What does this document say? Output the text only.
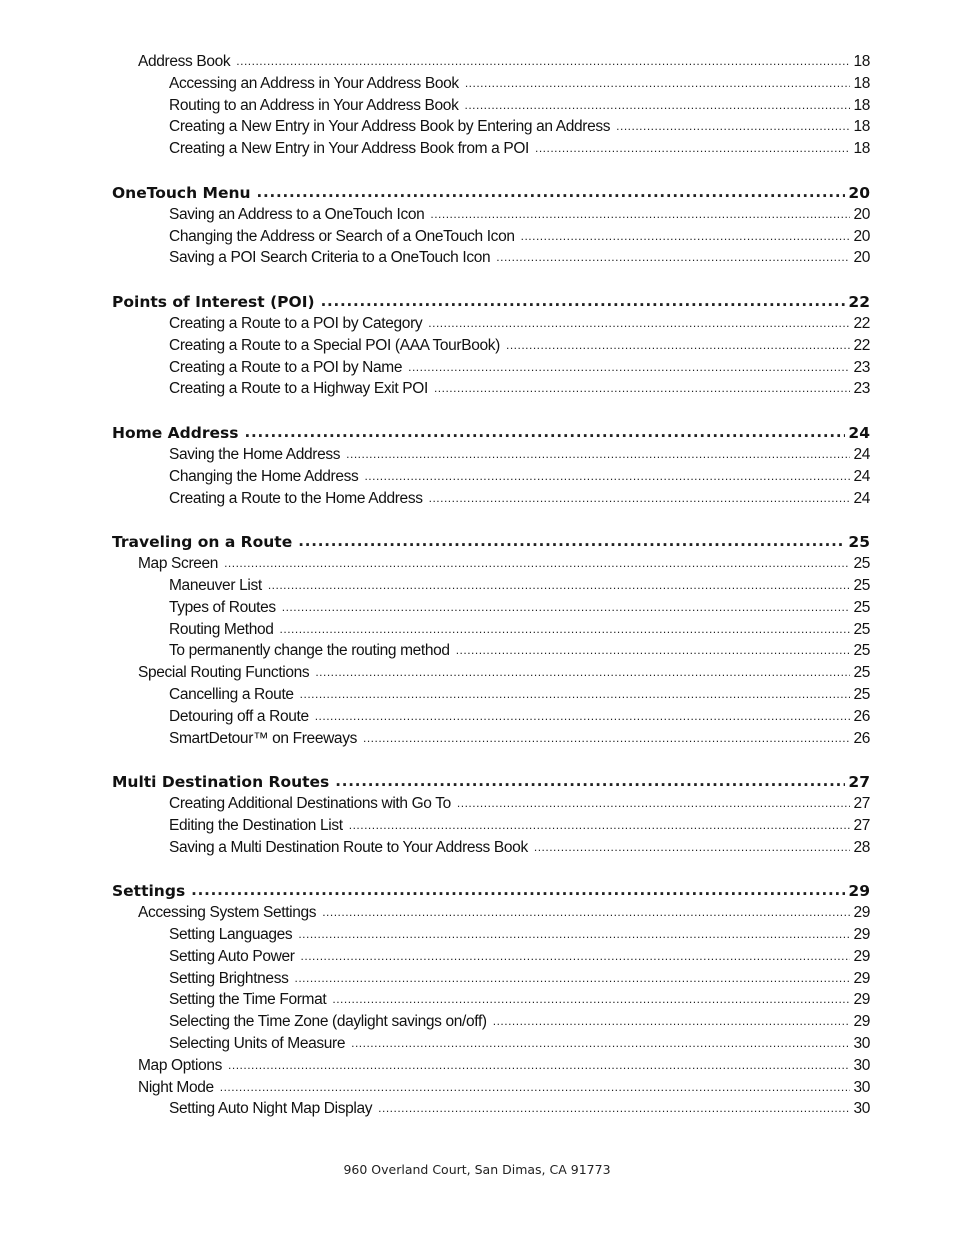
Address Book .....	18
Accessing an Address in Your Address Book .....	18
Routing to an Address in Your Address Book .....	18
Creating a New Entry in Your Address Book by Entering an Address .....	18
Creating a New Entry in Your Address Book from a POI .....	18
OneTouch Menu .....	20
Saving an Address to a OneTouch Icon .....	20
Changing the Address or Search of a OneTouch Icon .....	20
Saving a POI Search Criteria to a OneTouch Icon .....	20
Points of Interest (POI) .....	22
Creating a Route to a POI by Category .....	22
Creating a Route to a Special POI (AAA TourBook) .....	22
Creating a Route to a POI by Name .....	23
Creating a Route to a Highway Exit POI .....	23
Home Address .....	24
Saving the Home Address .....	24
Changing the Home Address .....	24
Creating a Route to the Home Address .....	24
Traveling on a Route .....	25
Map Screen .....	25
Maneuver List .....	25
Types of Routes .....	25
Routing Method .....	25
To permanently change the routing method .....	25
Special Routing Functions .....	25
Cancelling a Route .....	25
Detouring off a Route .....	26
SmartDetour™ on Freeways .....	26
Multi Destination Routes .....	27
Creating Additional Destinations with Go To .....	27
Editing the Destination List .....	27
Saving a Multi Destination Route to Your Address Book .....	28
Settings .....	29
Accessing System Settings .....	29
Setting Languages .....	29
Setting Auto Power .....	29
Setting Brightness .....	29
Setting the Time Format .....	29
Selecting the Time Zone (daylight savings on/off) .....	29
Selecting Units of Measure .....	30
Map Options .....	30
Night Mode .....	30
Setting Auto Night Map Display .....	30
960 Overland Court, San Dimas, CA 91773
